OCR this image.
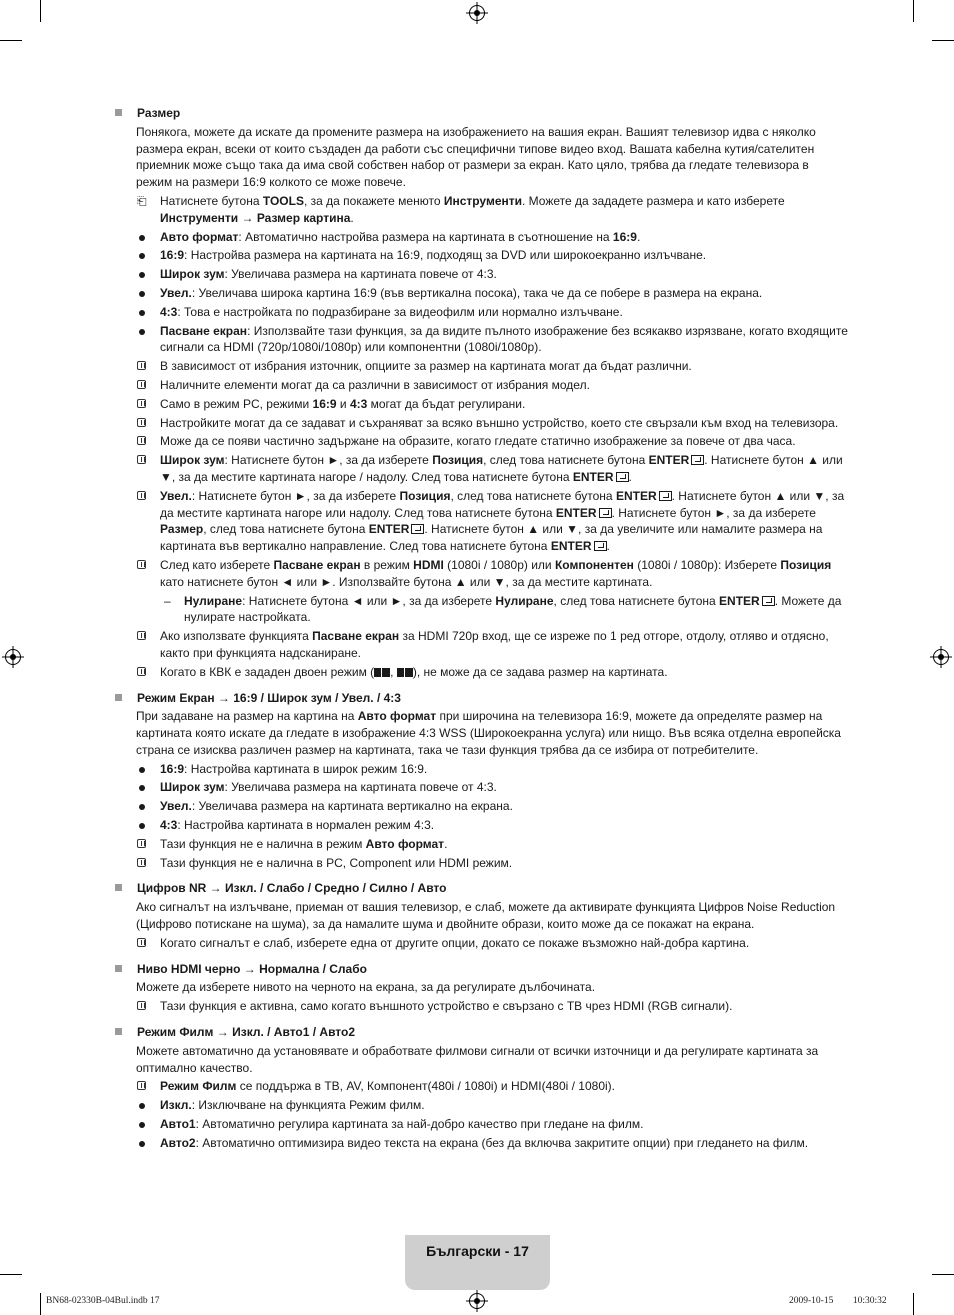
Размер
Понякога, можете да искате да промените размера на изображението на вашия екран. Вашият телевизор идва с няколко размера екран, всеки от които създаден да работи със специфични типове видео вход. Вашата кабелна кутия/сателитен приемник може също така да има свой собствен набор от размери за екран. Като цяло, трябва да гледате телевизора в режим на размери 16:9 колкото се може повече.
⎗ Натиснете бутона TOOLS, за да покажете менюто Инструменти. Можете да зададете размера и като изберете Инструменти → Размер картина.
Авто формат: Автоматично настройва размера на картината в съотношение на 16:9.
16:9: Настройва размера на картината на 16:9, подходящ за DVD или широкоекранно излъчване.
Широк зум: Увеличава размера на картината повече от 4:3.
Увел.: Увеличава широка картина 16:9 (във вертикална посока), така че да се побере в размера на екрана.
4:3: Това е настройката по подразбиране за видеофилм или нормално излъчване.
Пасване екран: Използвайте тази функция, за да видите пълното изображение без всякакво изрязване, когато входящите сигнали са HDMI (720p/1080i/1080p) или компонентни (1080i/1080p).
В зависимост от избрания източник, опциите за размер на картината могат да бъдат различни.
Наличните елементи могат да са различни в зависимост от избрания модел.
Само в режим PC, режими 16:9 и 4:3 могат да бъдат регулирани.
Настройките могат да се задават и съхраняват за всяко външно устройство, което сте свързали към вход на телевизора.
Може да се появи частично задържане на образите, когато гледате статично изображение за повече от два часа.
Широк зум: Натиснете бутон ►, за да изберете Позиция, след това натиснете бутона ENTER . Натиснете бутон ▲ или ▼, за да местите картината нагоре / надолу. След това натиснете бутона ENTER .
Увел.: Натиснете бутон ►, за да изберете Позиция, след това натиснете бутона ENTER . Натиснете бутон ▲ или ▼, за да местите картината нагоре или надолу. След това натиснете бутона ENTER . Натиснете бутон ►, за да изберете Размер, след това натиснете бутона ENTER . Натиснете бутон ▲ или ▼, за да увеличите или намалите размера на картината във вертикално направление. След това натиснете бутона ENTER .
След като изберете Пасване екран в режим HDMI (1080i / 1080p) или Компонентен (1080i / 1080p): Изберете Позиция като натиснете бутон ◄ или ►. Използвайте бутона ▲ или ▼, за да местите картината.
–	Нулиране: Натиснете бутона ◄ или ►, за да изберете Нулиране, след това натиснете бутона ENTER . Можете да нулирате настройката.
Ако използвате функцията Пасване екран за HDMI 720p вход, ще се изреже по 1 ред отгоре, отдолу, отляво и отдясно, както при функцията надсканиране.
Когато в КВК е зададен двоен режим ( , ), не може да се задава размер на картината.
Режим Екран → 16:9 / Широк зум / Увел. / 4:3
При задаване на размер на картина на Авто формат при широчина на телевизора 16:9, можете да определяте размер на картината която искате да гледате в изображение 4:3 WSS (Широкоекранна услуга) или нищо. Във всяка отделна европейска страна се изисква различен размер на картината, така че тази функция трябва да се избира от потребителите.
16:9: Настройва картината в широк режим 16:9.
Широк зум: Увеличава размера на картината повече от 4:3.
Увел.: Увеличава размера на картината вертикално на екрана.
4:3: Настройва картината в нормален режим 4:3.
Тази функция не е налична в режим Авто формат.
Тази функция не е налична в PC, Component или HDMI режим.
Цифров NR → Изкл. / Слабо / Средно / Силно / Авто
Ако сигналът на излъчване, приеман от вашия телевизор, е слаб, можете да активирате функцията Цифров Noise Reduction (Цифрово потискане на шума), за да намалите шума и двойните образи, които може да се покажат на екрана.
Когато сигналът е слаб, изберете една от другите опции, докато се покаже възможно най-добра картина.
Ниво HDMI черно → Нормална / Слабо
Можете да изберете нивото на черното на екрана, за да регулирате дълбочината.
Тази функция е активна, само когато външното устройство е свързано с ТВ чрез HDMI (RGB сигнали).
Режим Филм → Изкл. / Авто1 / Авто2
Можете автоматично да установявате и обработвате филмови сигнали от всички източници и да регулирате картината за оптимално качество.
Режим Филм се поддържа в ТВ, AV, Компонент(480i / 1080i) и HDMI(480i / 1080i).
Изкл.: Изключване на функцията Режим филм.
Авто1: Автоматично регулира картината за най-добро качество при гледане на филм.
Авто2: Автоматично оптимизира видео текста на екрана (без да включва закритите опции) при гледането на филм.
Български - 17
BN68-02330B-04Bul.indb 17	2009-10-15 ￿￿ 10:30:32
